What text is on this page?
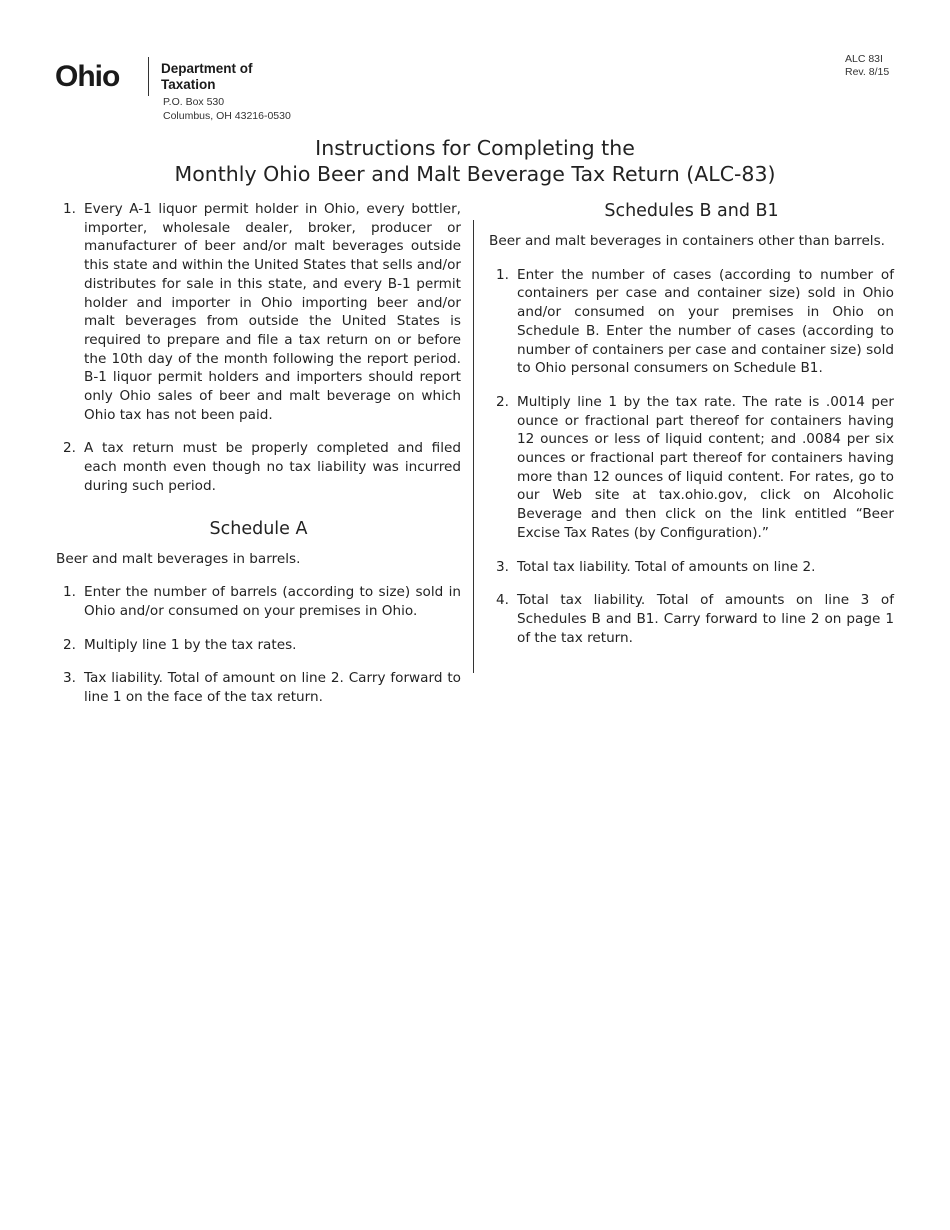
Ohio	Department of Taxation
P.O. Box 530
Columbus, OH 43216-0530
ALC 83I
Rev. 8/15
Instructions for Completing the
Monthly Ohio Beer and Malt Beverage Tax Return (ALC-83)
1. Every A-1 liquor permit holder in Ohio, every bottler, importer, wholesale dealer, broker, producer or manufacturer of beer and/or malt beverages outside this state and within the United States that sells and/or distributes for sale in this state, and every B-1 permit holder and importer in Ohio importing beer and/or malt beverages from outside the United States is required to prepare and file a tax return on or before the 10th day of the month following the report period. B-1 liquor permit holders and importers should report only Ohio sales of beer and malt beverage on which Ohio tax has not been paid.
2. A tax return must be properly completed and filed each month even though no tax liability was incurred during such period.
Schedule A

Beer and malt beverages in barrels.

1. Enter the number of barrels (according to size) sold in Ohio and/or consumed on your premises in Ohio.
2. Multiply line 1 by the tax rates.
3. Tax liability. Total of amount on line 2. Carry forward to line 1 on the face of the tax return.
Schedules B and B1

Beer and malt beverages in containers other than barrels.

1. Enter the number of cases (according to number of containers per case and container size) sold in Ohio and/or consumed on your premises in Ohio on Schedule B. Enter the number of cases (according to number of containers per case and container size) sold to Ohio personal consumers on Schedule B1.
2. Multiply line 1 by the tax rate. The rate is .0014 per ounce or fractional part thereof for containers having 12 ounces or less of liquid content; and .0084 per six ounces or fractional part thereof for containers having more than 12 ounces of liquid content. For rates, go to our Web site at tax.ohio.gov, click on Alcoholic Beverage and then click on the link entitled “Beer Excise Tax Rates (by Configuration).”
3. Total tax liability. Total of amounts on line 2.
4. Total tax liability. Total of amounts on line 3 of Schedules B and B1. Carry forward to line 2 on page 1 of the tax return.
